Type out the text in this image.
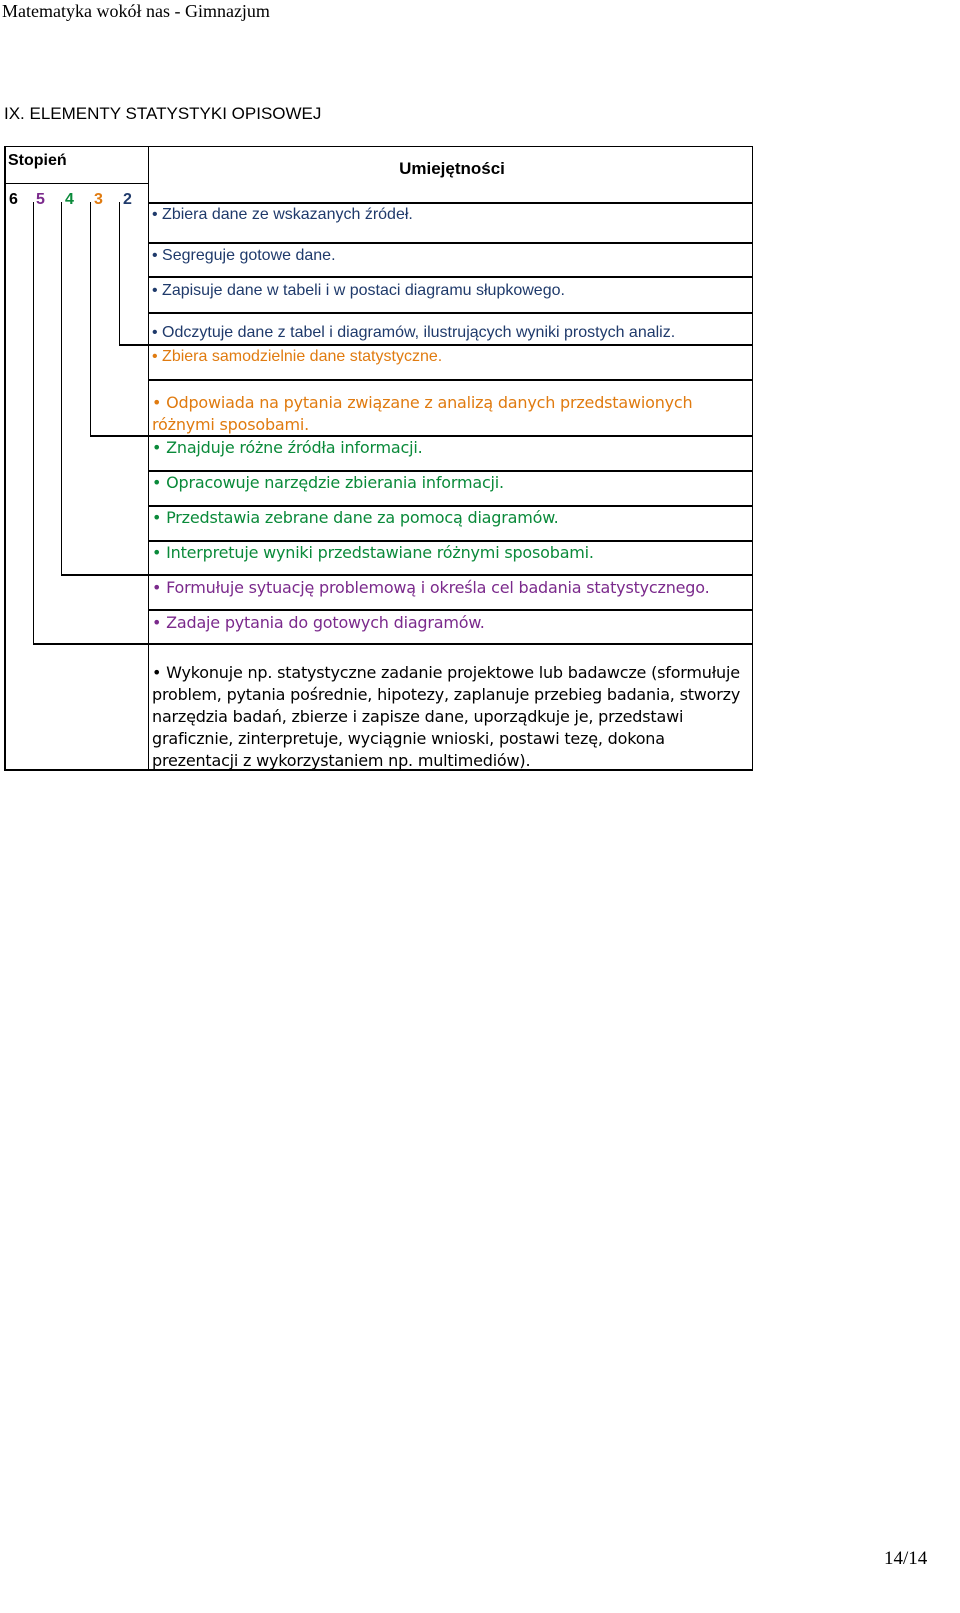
Matematyka wokół nas - Gimnazjum
IX. ELEMENTY STATYSTYKI OPISOWEJ
Stopień	Umiejętności
6 5 4 3 2
• Zbiera dane ze wskazanych źródeł.
• Segreguje gotowe dane.
• Zapisuje dane w tabeli i w postaci diagramu słupkowego.
• Odczytuje dane z tabel i diagramów, ilustrujących wyniki prostych analiz.
• Zbiera samodzielnie dane statystyczne.
• Odpowiada na pytania związane z analizą danych przedstawionych różnymi sposobami.
• Znajduje różne źródła informacji.
• Opracowuje narzędzie zbierania informacji.
• Przedstawia zebrane dane za pomocą diagramów.
• Interpretuje wyniki przedstawiane różnymi sposobami.
• Formułuje sytuację problemową i określa cel badania statystycznego.
• Zadaje pytania do gotowych diagramów.
• Wykonuje np. statystyczne zadanie projektowe lub badawcze (sformułuje problem, pytania pośrednie, hipotezy, zaplanuje przebieg badania, stworzy narzędzia badań, zbierze i zapisze dane, uporządkuje je, przedstawi graficznie, zinterpretuje, wyciągnie wnioski, postawi tezę, dokona prezentacji z wykorzystaniem np. multimediów).
14/14
